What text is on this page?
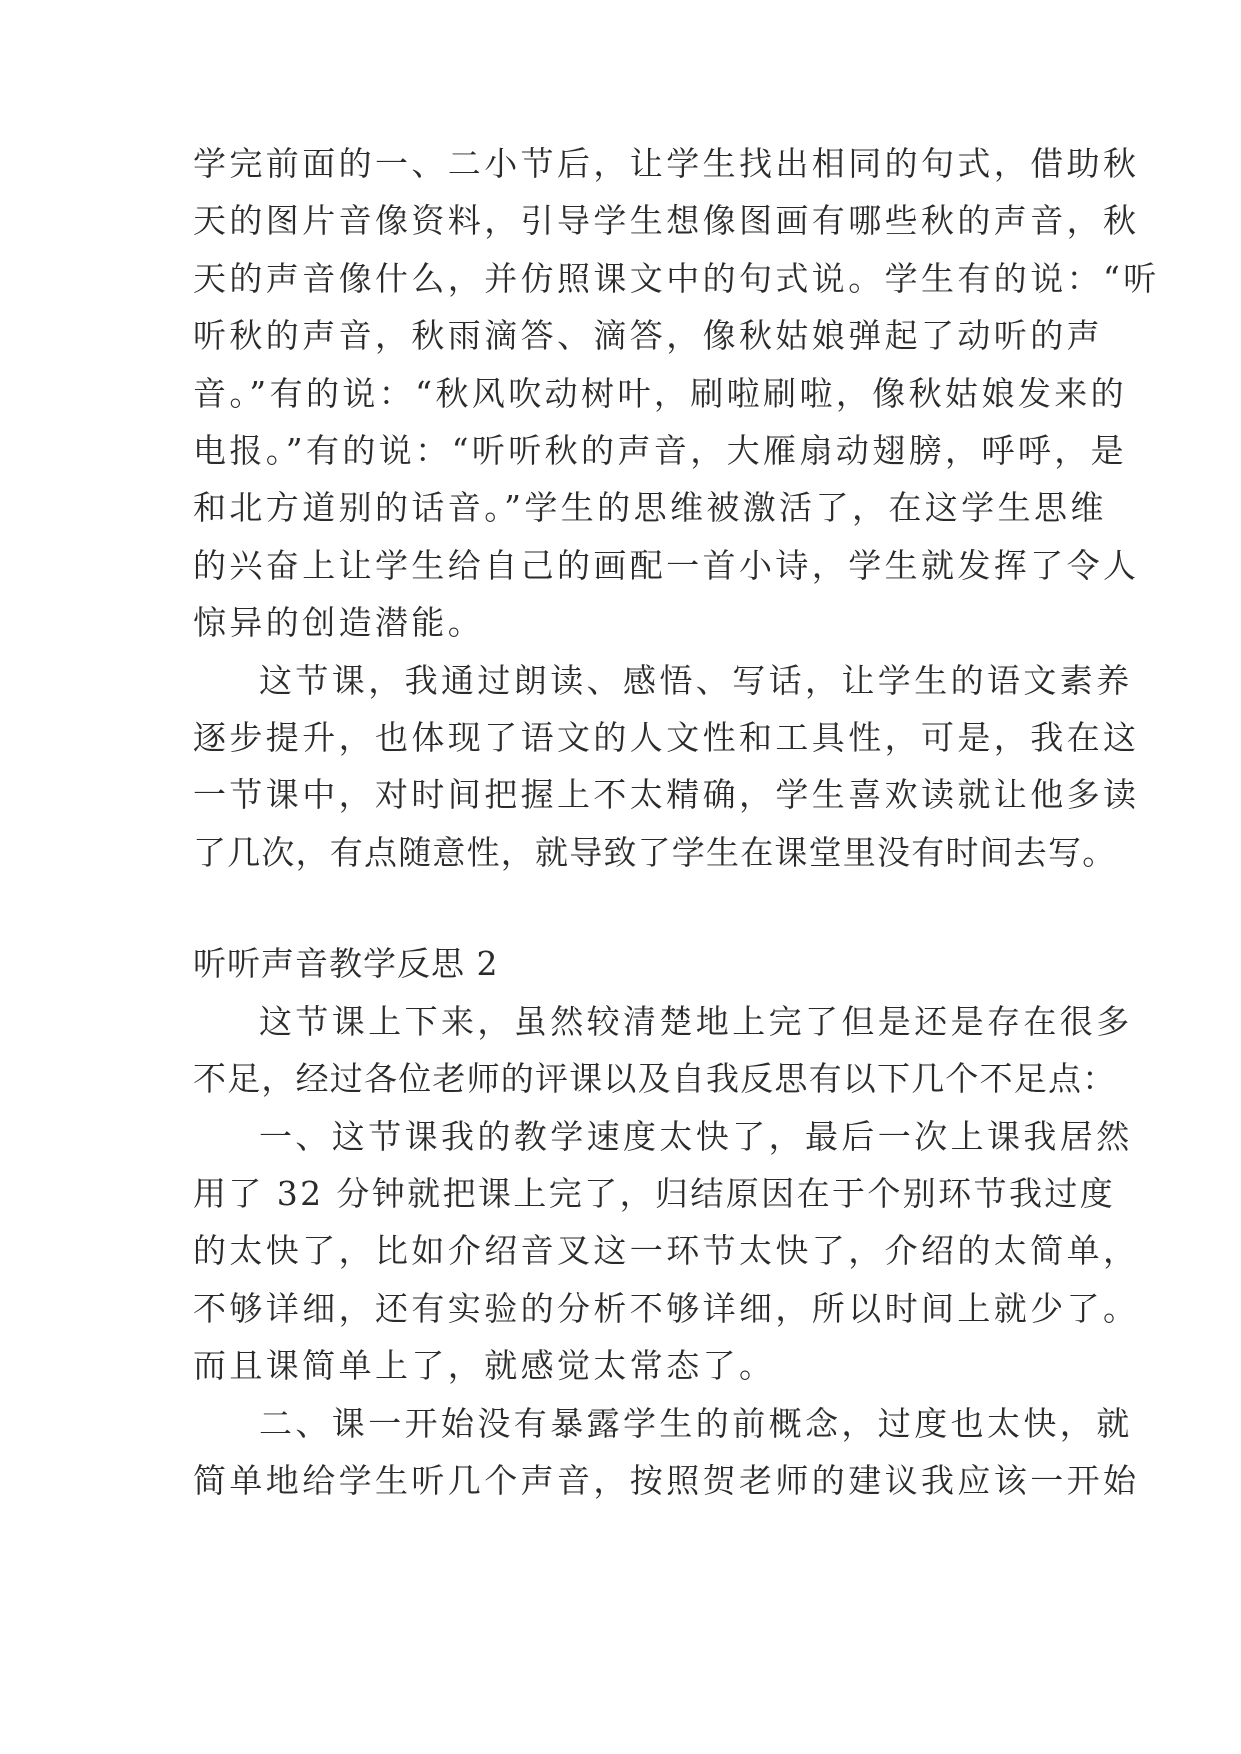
学完前面的一、二小节后，让学生找出相同的句式，借助秋
天的图片音像资料，引导学生想像图画有哪些秋的声音，秋
天的声音像什么，并仿照课文中的句式说。学生有的说：“听
听秋的声音，秋雨滴答、滴答，像秋姑娘弹起了动听的声
音。”有的说：“秋风吹动树叶，刷啦刷啦，像秋姑娘发来的
电报。”有的说：“听听秋的声音，大雁扇动翅膀，呼呼，是
和北方道别的话音。”学生的思维被激活了，在这学生思维
的兴奋上让学生给自己的画配一首小诗，学生就发挥了令人
惊异的创造潜能。

这节课，我通过朗读、感悟、写话，让学生的语文素养
逐步提升，也体现了语文的人文性和工具性，可是，我在这
一节课中，对时间把握上不太精确，学生喜欢读就让他多读
了几次，有点随意性，就导致了学生在课堂里没有时间去写。

听听声音教学反思 2

这节课上下来，虽然较清楚地上完了但是还是存在很多
不足，经过各位老师的评课以及自我反思有以下几个不足点：

一、这节课我的教学速度太快了，最后一次上课我居然
用了 32 分钟就把课上完了，归结原因在于个别环节我过度
的太快了，比如介绍音叉这一环节太快了，介绍的太简单，
不够详细，还有实验的分析不够详细，所以时间上就少了。
而且课简单上了，就感觉太常态了。

二、课一开始没有暴露学生的前概念，过度也太快，就
简单地给学生听几个声音，按照贺老师的建议我应该一开始
